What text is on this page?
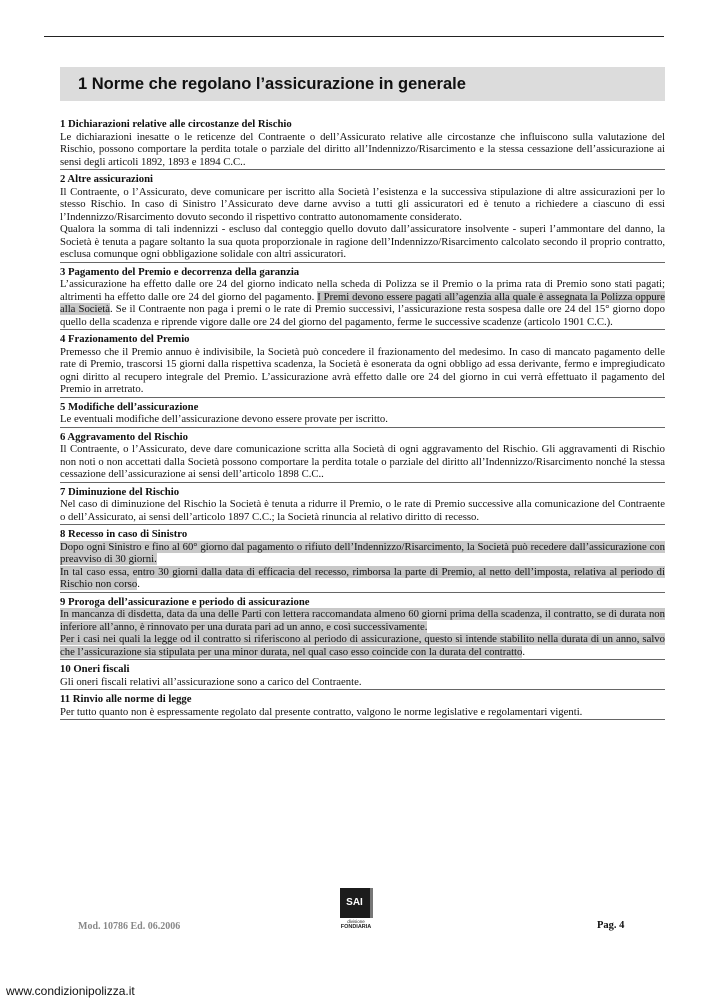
1 Norme che regolano l’assicurazione in generale
1 Dichiarazioni relative alle circostanze del Rischio

Le dichiarazioni inesatte o le reticenze del Contraente o dell’Assicurato relative alle circostanze che influiscono sulla valutazione del Rischio, possono comportare la perdita totale o parziale del diritto all’Indennizzo/Risarcimento e la stessa cessazione dell’assicurazione ai sensi degli articoli 1892, 1893 e 1894 C.C..

2 Altre assicurazioni

Il Contraente, o l’Assicurato, deve comunicare per iscritto alla Società l’esistenza e la successiva stipulazione di altre assicurazioni per lo stesso Rischio. In caso di Sinistro l’Assicurato deve darne avviso a tutti gli assicuratori ed è tenuto a richiedere a ciascuno di essi l’Indennizzo/Risarcimento dovuto secondo il rispettivo contratto autonomamente considerato.

Qualora la somma di tali indennizzi - escluso dal conteggio quello dovuto dall’assicuratore insolvente - superi l’ammontare del danno, la Società è tenuta a pagare soltanto la sua quota proporzionale in ragione dell’Indennizzo/Risarcimento calcolato secondo il proprio contratto, esclusa comunque ogni obbligazione solidale con altri assicuratori.

3 Pagamento del Premio e decorrenza della garanzia

L’assicurazione ha effetto dalle ore 24 del giorno indicato nella scheda di Polizza se il Premio o la prima rata di Premio sono stati pagati; altrimenti ha effetto dalle ore 24 del giorno del pagamento. I Premi devono essere pagati all’agenzia alla quale è assegnata la Polizza oppure alla Società. Se il Contraente non paga i premi o le rate di Premio successivi, l’assicurazione resta sospesa dalle ore 24 del 15° giorno dopo quello della scadenza e riprende vigore dalle ore 24 del giorno del pagamento, ferme le successive scadenze (articolo 1901 C.C.).

4 Frazionamento del Premio

Premesso che il Premio annuo è indivisibile, la Società può concedere il frazionamento del medesimo. In caso di mancato pagamento delle rate di Premio, trascorsi 15 giorni dalla rispettiva scadenza, la Società è esonerata da ogni obbligo ad essa derivante, fermo e impregiudicato ogni diritto al recupero integrale del Premio. L’assicurazione avrà effetto dalle ore 24 del giorno in cui verrà effettuato il pagamento del Premio in arretrato.

5 Modifiche dell’assicurazione

Le eventuali modifiche dell’assicurazione devono essere provate per iscritto.

6 Aggravamento del Rischio

Il Contraente, o l’Assicurato, deve dare comunicazione scritta alla Società di ogni aggravamento del Rischio. Gli aggravamenti di Rischio non noti o non accettati dalla Società possono comportare la perdita totale o parziale del diritto all’Indennizzo/Risarcimento nonché la stessa cessazione dell’assicurazione ai sensi dell’articolo 1898 C.C..

7 Diminuzione del Rischio

Nel caso di diminuzione del Rischio la Società è tenuta a ridurre il Premio, o le rate di Premio successive alla comunicazione del Contraente o dell’Assicurato, ai sensi dell’articolo 1897 C.C.; la Società rinuncia al relativo diritto di recesso.

8 Recesso in caso di Sinistro

Dopo ogni Sinistro e fino al 60° giorno dal pagamento o rifiuto dell’Indennizzo/Risarcimento, la Società può recedere dall’assicurazione con preavviso di 30 giorni.

In tal caso essa, entro 30 giorni dalla data di efficacia del recesso, rimborsa la parte di Premio, al netto dell’imposta, relativa al periodo di Rischio non corso.

9 Proroga dell’assicurazione e periodo di assicurazione

In mancanza di disdetta, data da una delle Parti con lettera raccomandata almeno 60 giorni prima della scadenza, il contratto, se di durata non inferiore all’anno, è rinnovato per una durata pari ad un anno, e così successivamente.

Per i casi nei quali la legge od il contratto si riferiscono al periodo di assicurazione, questo si intende stabilito nella durata di un anno, salvo che l’assicurazione sia stipulata per una minor durata, nel qual caso esso coincide con la durata del contratto.

10 Oneri fiscali

Gli oneri fiscali relativi all’assicurazione sono a carico del Contraente.

11 Rinvio alle norme di legge

Per tutto quanto non è espressamente regolato dal presente contratto, valgono le norme legislative e regolamentari vigenti.

Mod. 10786 Ed. 06.2006
SAI
divisione
FONDIARIA	Pag. 4
www.condizionipolizza.it
